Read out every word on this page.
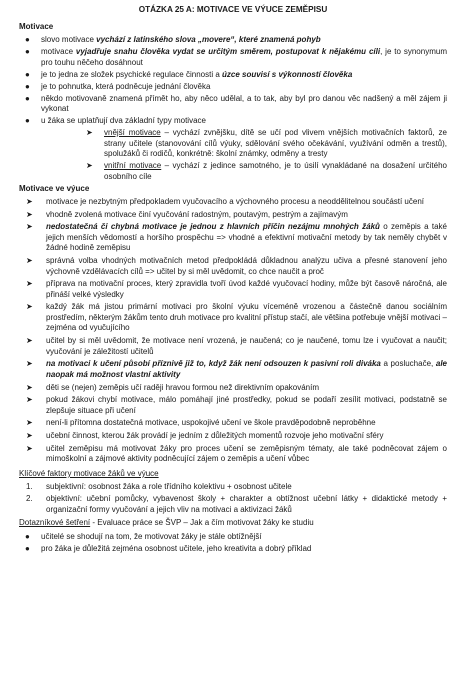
OTÁZKA 25 A: MOTIVACE VE VÝUCE ZEMĚPISU
Motivace
● slovo motivace vychází z latinského slova „movere“, které znamená pohyb
● motivace vyjadřuje snahu člověka vydat se určitým směrem, postupovat k nějakému cíli, je to synonymum pro touhu něčeho dosáhnout
● je to jedna ze složek psychické regulace činnosti a úzce souvisí s výkonností člověka
● je to pohnutka, která podněcuje jednání člověka
● někdo motivovaně znamená přímět ho, aby něco udělal, a to tak, aby byl pro danou věc nadšený a měl zájem ji vykonat
● u žáka se uplatňují dva základní typy motivace
➤ vnější motivace – vychází zvnějšku, dítě se učí pod vlivem vnějších motivačních faktorů, ze strany učitele (stanovování cílů výuky, sdělování svého očekávání, využívání odměn a trestů), spolužáků či rodičů, konkrétně: školní známky, odměny a tresty
➤ vnitřní motivace – vychází z jedince samotného, je to úsilí vynakládané na dosažení určitého osobního cíle
Motivace ve výuce
➤ motivace je nezbytným předpokladem vyučovacího a výchovného procesu a neoddělitelnou součástí učení
➤ vhodně zvolená motivace činí vyučování radostným, poutavým, pestrým a zajímavým
➤ nedostatečná či chybná motivace je jednou z hlavních příčin nezájmu mnohých žáků o zeměpis a také jejich menších vědomostí a horšího prospěchu => vhodné a efektivní motivační metody by tak neměly chybět v žádné hodině zeměpisu
➤ správná volba vhodných motivačních metod předpokládá důkladnou analýzu učiva a přesné stanovení jeho výchovně vzdělávacích cílů => učitel by si měl uvědomit, co chce naučit a proč
➤ příprava na motivační proces, který zpravidla tvoří úvod každé vyučovací hodiny, může být časově náročná, ale přináší velké výsledky
➤ každý žák má jistou primární motivaci pro školní výuku víceméně vrozenou a částečně danou sociálním prostředím, některým žákům tento druh motivace pro kvalitní přístup stačí, ale většina potřebuje vnější motivaci – zejména od vyučujícího
➤ učitel by si měl uvědomit, že motivace není vrozená, je naučená; co je naučené, tomu lze i vyučovat a naučit; vyučování je záležitostí učitelů
➤ na motivaci k učení působí příznivě již to, když žák není odsouzen k pasivní roli diváka a posluchače, ale naopak má možnost vlastní aktivity
➤ děti se (nejen) zeměpis učí raději hravou formou než direktivním opakováním
➤ pokud žákovi chybí motivace, málo pomáhají jiné prostředky, pokud se podaří zesílit motivaci, podstatně se zlepšuje situace při učení
➤ není-li přítomna dostatečná motivace, uspokojivé učení ve škole pravděpodobně neproběhne
➤ učební činnost, kterou žák provádí je jedním z důležitých momentů rozvoje jeho motivační sféry
➤ učitel zeměpisu má motivovat žáky pro proces učení se zeměpisným tématy, ale také podněcovat zájem o mimoškolní a zájmové aktivity podněcující zájem o zeměpis a učení vůbec
Klíčové faktory motivace žáků ve výuce
1. subjektivní: osobnost žáka a role třídního kolektivu + osobnost učitele
2. objektivní: učební pomůcky, vybavenost školy + charakter a obtížnost učební látky + didaktické metody + organizační formy vyučování a jejich vliv na motivaci a aktivizaci žáků
Dotazníkové šetření - Evaluace práce se ŠVP – Jak a čím motivovat žáky ke studiu
● učitelé se shodují na tom, že motivovat žáky je stále obtížnější
● pro žáka je důležitá zejména osobnost učitele, jeho kreativita a dobrý příklad
